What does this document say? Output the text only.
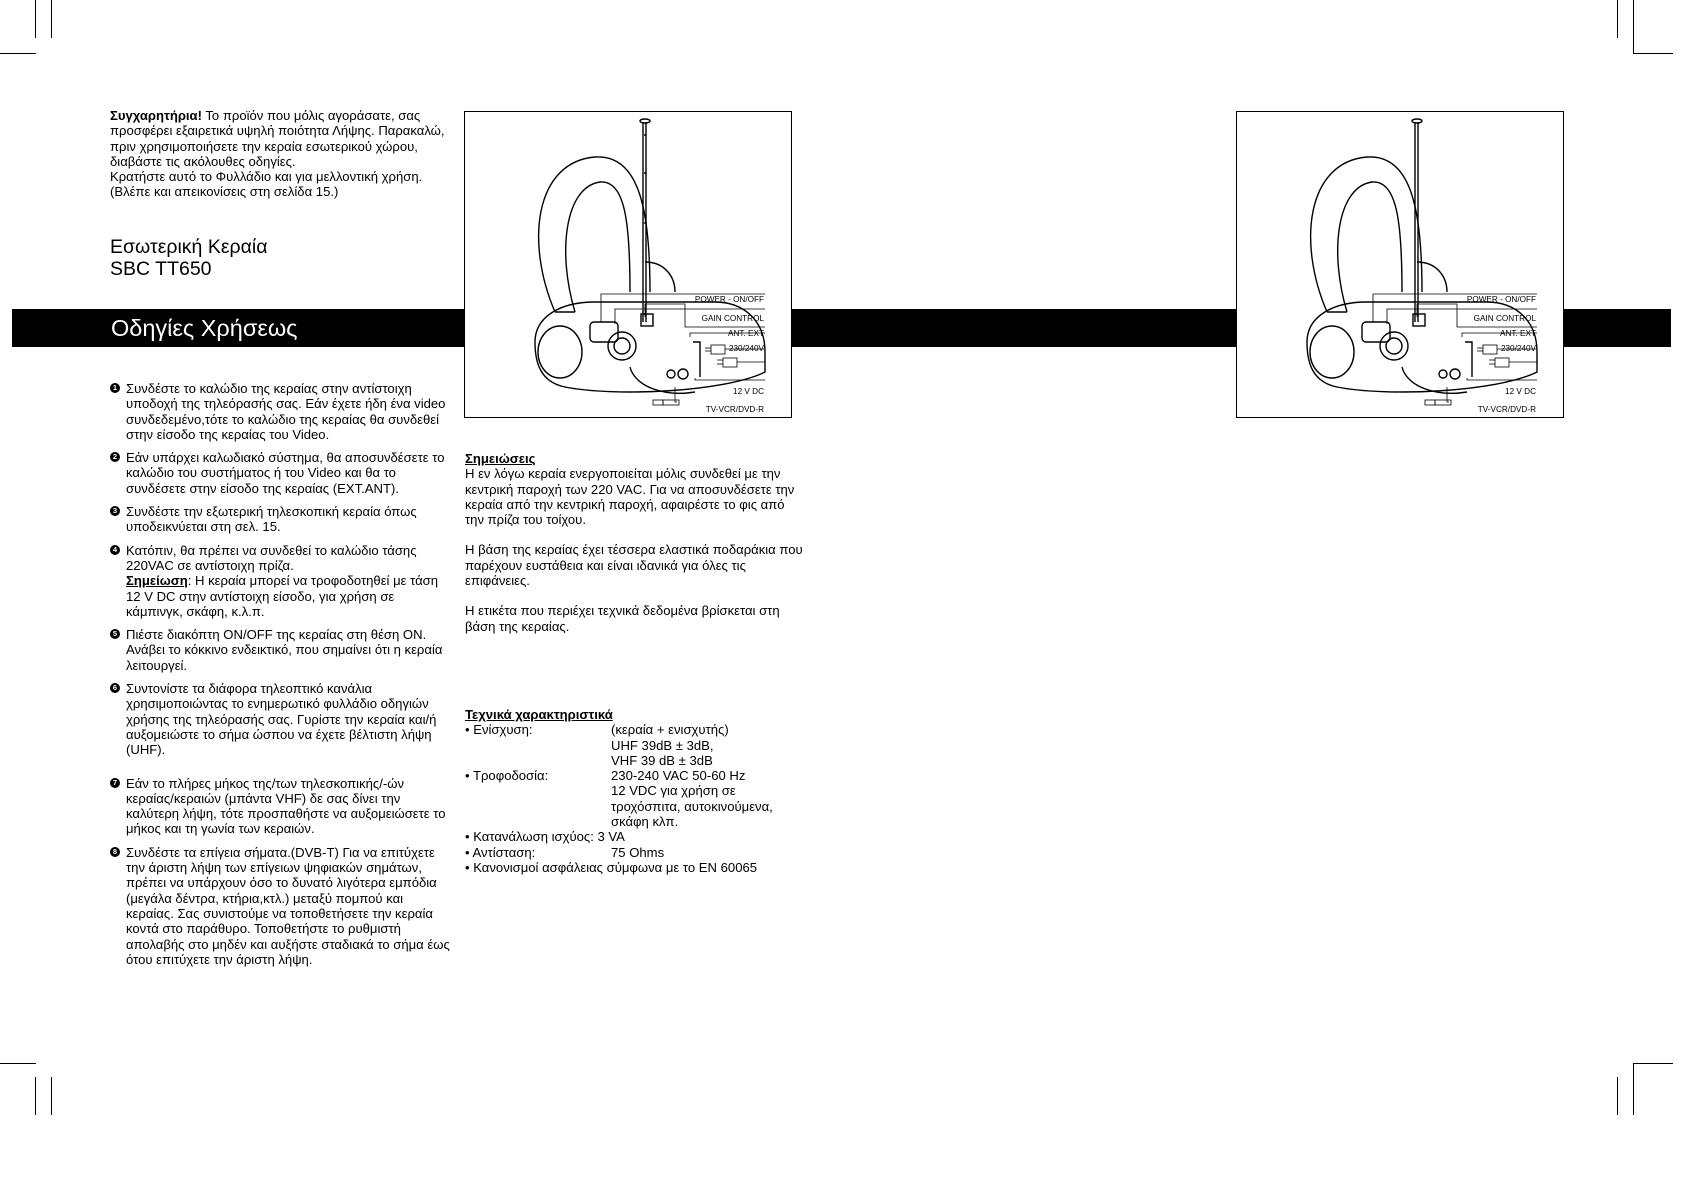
Συγχαρητήρια! Το προϊόν που μόλις αγοράσατε, σας προσφέρει εξαιρετικά υψηλή ποιότητα Λήψης. Παρακαλώ, πριν χρησιμοποιήσετε την κεραία εσωτερικού χώρου, διαβάστε τις ακόλουθες οδηγίες.
Κρατήστε αυτό το Φυλλάδιο και για μελλοντική χρήση. (Βλέπε και απεικονίσεις στη σελίδα 15.)
Εσωτερική Κεραία
SBC TT650
POWER - ON/OFF
GAIN CONTROL
ANT. EXT
230/240V
12 V DC
TV-VCR/DVD-R
POWER - ON/OFF
GAIN CONTROL
ANT. EXT
230/240V
12 V DC
TV-VCR/DVD-R
Οδηγίες Χρήσεως
1 Συνδέστε το καλώδιο της κεραίας στην αντίστοιχη υποδοχή της τηλεόρασής σας. Εάν έχετε ήδη ένα video συνδεδεμένο,τότε το καλώδιο της κεραίας θα συνδεθεί στην είσοδο της κεραίας του Video.
2 Εάν υπάρχει καλωδιακό σύστημα, θα αποσυνδέσετε το καλώδιο του συστήματος ή του Video και θα το συνδέσετε στην είσοδο της κεραίας (EXT.ANT).
3 Συνδέστε την εξωτερική τηλεσκοπική κεραία όπως υποδεικνύεται στη σελ. 15.
4 Κατόπιν, θα πρέπει να συνδεθεί το καλώδιο τάσης 220VAC σε αντίστοιχη πρίζα.
Σημείωση: Η κεραία μπορεί να τροφοδοτηθεί με τάση 12 V DC στην αντίστοιχη είσοδο, για χρήση σε κάμπινγκ, σκάφη, κ.λ.π.
5 Πιέστε διακόπτη ON/OFF της κεραίας στη θέση ON. Ανάβει το κόκκινο ενδεικτικό, που σημαίνει ότι η κεραία λειτουργεί.
6 Συντονίστε τα διάφορα τηλεοπτικό κανάλια χρησιμοποιώντας το ενημερωτικό φυλλάδιο οδηγιών χρήσης της τηλεόρασής σας. Γυρίστε την κεραία και/ή αυξομειώστε το σήμα ώσπου να έχετε βέλτιστη λήψη (UHF).
7 Εάν το πλήρες μήκος της/των τηλεσκοπικής/-ών κεραίας/κεραιών (μπάντα VHF) δε σας δίνει την καλύτερη λήψη, τότε προσπαθήστε να αυξομειώσετε το μήκος και τη γωνία των κεραιών.
8 Συνδέστε τα επίγεια σήματα.(DVB-T) Για να επιτύχετε την άριστη λήψη των επίγειων ψηφιακών σημάτων, πρέπει να υπάρχουν όσο το δυνατό λιγότερα εμπόδια (μεγάλα δέντρα, κτήρια,κτλ.) μεταξύ πομπού και κεραίας. Σας συνιστούμε να τοποθετήσετε την κεραία κοντά στο παράθυρο. Τοποθετήστε το ρυθμιστή απολαβής στο μηδέν και αυξήστε σταδιακά το σήμα έως ότου επιτύχετε την άριστη λήψη.
Σημειώσεις
Η εν λόγω κεραία ενεργοποιείται μόλις συνδεθεί με την κεντρική παροχή των 220 VAC. Για να αποσυνδέσετε την κεραία από την κεντρική παροχή, αφαιρέστε το φις από την πρίζα του τοίχου.
Η βάση της κεραίας έχει τέσσερα ελαστικά ποδαράκια που παρέχουν ευστάθεια και είναι ιδανικά για όλες τις επιφάνειες.
Η ετικέτα που περιέχει τεχνικά δεδομένα βρίσκεται στη βάση της κεραίας.
Τεχνικά χαρακτηριστικά
• Ενίσχυση:	(κεραία + ενισχυτής)
UHF 39dB ± 3dB,
VHF 39 dB ± 3dB

• Τροφοδοσία:	230-240 VAC 50-60 Hz
12 VDC για χρήση σε
τροχόσπιτα, αυτοκινούμενα,
σκάφη κλπ.
• Κατανάλωση ισχύος: 3 VA
• Αντίσταση:	75 Ohms
• Κανονισμοί ασφάλειας σύμφωνα με το EN 60065
